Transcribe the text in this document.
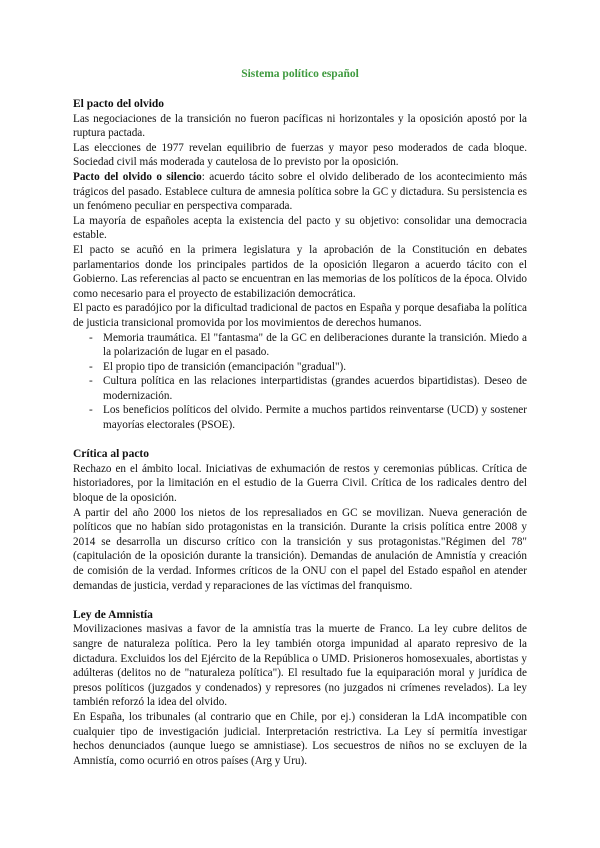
Sistema político español
El pacto del olvido

Las negociaciones de la transición no fueron pacíficas ni horizontales y la oposición apostó por la ruptura pactada.

Las elecciones de 1977 revelan equilibrio de fuerzas y mayor peso moderados de cada bloque. Sociedad civil más moderada y cautelosa de lo previsto por la oposición.

Pacto del olvido o silencio: acuerdo tácito sobre el olvido deliberado de los acontecimiento más trágicos del pasado. Establece cultura de amnesia política sobre la GC y dictadura. Su persistencia es un fenómeno peculiar en perspectiva comparada.

La mayoría de españoles acepta la existencia del pacto y su objetivo: consolidar una democracia estable.

El pacto se acuñó en la primera legislatura y la aprobación de la Constitución en debates parlamentarios donde los principales partidos de la oposición llegaron a acuerdo tácito con el Gobierno. Las referencias al pacto se encuentran en las memorias de los políticos de la época. Olvido como necesario para el proyecto de estabilización democrática.

El pacto es paradójico por la dificultad tradicional de pactos en España y porque desafiaba la política de justicia transicional promovida por los movimientos de derechos humanos.

- Memoria traumática. El "fantasma" de la GC en deliberaciones durante la transición. Miedo a la polarización de lugar en el pasado.
- El propio tipo de transición (emancipación "gradual").
- Cultura política en las relaciones interpartidistas (grandes acuerdos bipartidistas). Deseo de modernización.
- Los beneficios políticos del olvido. Permite a muchos partidos reinventarse (UCD) y sostener mayorías electorales (PSOE).
Crítica al pacto

Rechazo en el ámbito local. Iniciativas de exhumación de restos y ceremonias públicas. Crítica de historiadores, por la limitación en el estudio de la Guerra Civil. Crítica de los radicales dentro del bloque de la oposición.

A partir del año 2000 los nietos de los represaliados en GC se movilizan. Nueva generación de políticos que no habían sido protagonistas en la transición. Durante la crisis política entre 2008 y 2014 se desarrolla un discurso crítico con la transición y sus protagonistas."Régimen del 78" (capitulación de la oposición durante la transición). Demandas de anulación de Amnistía y creación de comisión de la verdad. Informes críticos de la ONU con el papel del Estado español en atender demandas de justicia, verdad y reparaciones de las víctimas del franquismo.

Ley de Amnistía

Movilizaciones masivas a favor de la amnistía tras la muerte de Franco. La ley cubre delitos de sangre de naturaleza política. Pero la ley también otorga impunidad al aparato represivo de la dictadura. Excluidos los del Ejército de la República o UMD. Prisioneros homosexuales, abortistas y adúlteras (delitos no de "naturaleza política"). El resultado fue la equiparación moral y jurídica de presos políticos (juzgados y condenados) y represores (no juzgados ni crímenes revelados). La ley también reforzó la idea del olvido.

En España, los tribunales (al contrario que en Chile, por ej.) consideran la LdA incompatible con cualquier tipo de investigación judicial. Interpretación restrictiva. La Ley sí permitía investigar hechos denunciados (aunque luego se amnistiase). Los secuestros de niños no se excluyen de la Amnistía, como ocurrió en otros países (Arg y Uru).
